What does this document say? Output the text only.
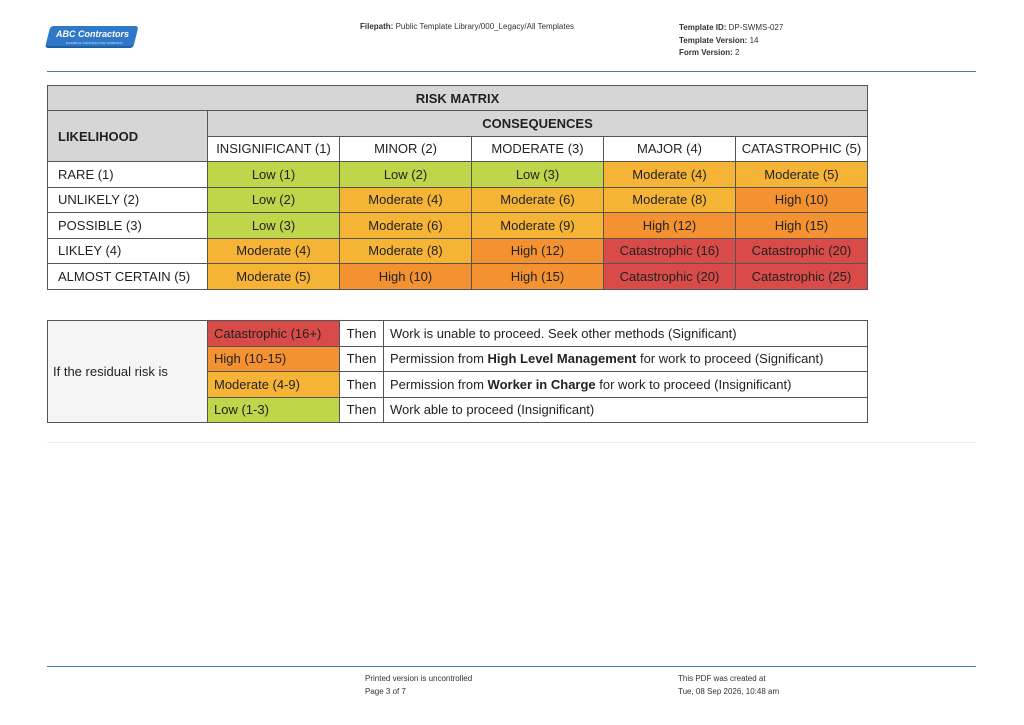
ABC Contractors
EXAMPLE CONTRACTOR COMPANY
Filepath: Public Template Library/000_Legacy/All Templates	Template ID: DP-SWMS-027
Template Version: 14
Form Version: 2
RISK MATRIX					
LIKELIHOOD	CONSEQUENCES				
	INSIGNIFICANT (1)	MINOR (2)	MODERATE (3)	MAJOR (4)	CATASTROPHIC (5)
RARE (1)	Low (1)	Low (2)	Low (3)	Moderate (4)	Moderate (5)
UNLIKELY (2)	Low (2)	Moderate (4)	Moderate (6)	Moderate (8)	High (10)
POSSIBLE (3)	Low (3)	Moderate (6)	Moderate (9)	High (12)	High (15)
LIKLEY (4)	Moderate (4)	Moderate (8)	High (12)	Catastrophic (16)	Catastrophic (20)
ALMOST CERTAIN (5)	Moderate (5)	High (10)	High (15)	Catastrophic (20)	Catastrophic (25)
If the residual risk is	Catastrophic (16+)	Then	Work is unable to proceed. Seek other methods (Significant)
	High (10-15)	Then	Permission from High Level Management for work to proceed (Significant)
	Moderate (4-9)	Then	Permission from Worker in Charge for work to proceed (Insignificant)
	Low (1-3)	Then	Work able to proceed (Insignificant)
Printed version is uncontrolled
Page 3 of 7
This PDF was created at
Tue, 08 Sep 2026, 10:48 am
